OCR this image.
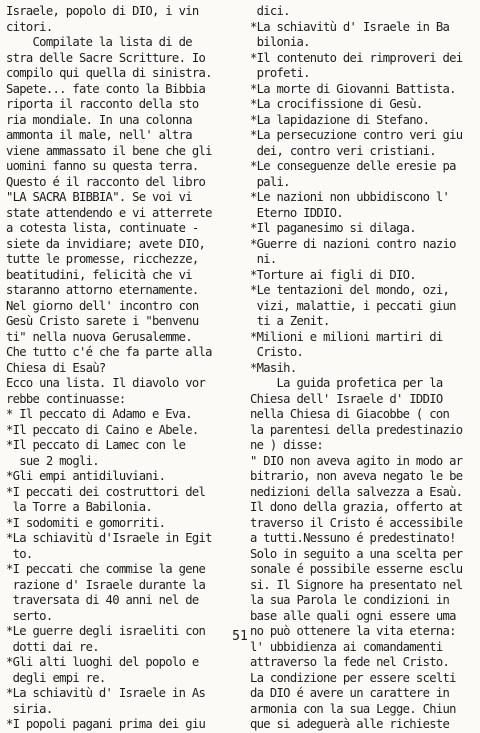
Israele, popolo di DIO, i vin
citori.
Compilate la lista di de
stra delle Sacre Scritture. Io
compilo qui quella di sinistra.
Sapete... fate conto la Bibbia
riporta il racconto della sto
ria mondiale. In una colonna
ammonta il male, nell' altra
viene ammassato il bene che gli
uomini fanno su questa terra.
Questo é il racconto del libro
"LA SACRA BIBBIA". Se voi vi
state attendendo e vi atterrete
a cotesta lista, continuate -
siete da invidiare; avete DIO,
tutte le promesse, ricchezze,
beatitudini, felicità che vi
staranno attorno eternamente.
Nel giorno dell' incontro con
Gesù Cristo sarete i "benvenu
ti" nella nuova Gerusalemme.
Che tutto c'é che fa parte alla
Chiesa di Esaù?
Ecco una lista. Il diavolo vor
rebbe continuasse:
* Il peccato di Adamo e Eva.
*Il peccato di Caino e Abele.
*Il peccato di Lamec con le
sue 2 mogli.
*Gli empi antidiluviani.
*I peccati dei costruttori del
la Torre a Babilonia.
*I sodomiti e gomorriti.
*La schiavitù d'Israele in Egit
to.
*I peccati che commise la gene
razione d' Israele durante la
traversata di 40 anni nel de
serto.
*Le guerre degli israeliti con
dotti dai re.
*Gli alti luoghi del popolo e
degli empi re.
*La schiavitù d' Israele in As
siria.
*I popoli pagani prima dei giu
dici.
*La schiavitù d' Israele in Ba
bilonia.
*Il contenuto dei rimproveri dei
profeti.
*La morte di Giovanni Battista.
*La crocifissione di Gesù.
*La lapidazione di Stefano.
*La persecuzione contro veri giu
dei, contro veri cristiani.
*Le conseguenze delle eresie pa
pali.
*Le nazioni non ubbidiscono l'
Eterno IDDIO.
*Il paganesimo si dilaga.
*Guerre di nazioni contro nazio
ni.
*Torture ai figli di DIO.
*Le tentazioni del mondo, ozi,
vizi, malattie, i peccati giun
ti a Zenit.
*Milioni e milioni martiri di
Cristo.
*Masih.
La guida profetica per la
Chiesa dell' Israele d' IDDIO
nella Chiesa di Giacobbe ( con
la parentesi della predestinazio
ne ) disse:
" DIO non aveva agito in modo ar
bitrario, non aveva negato le be
nedizioni della salvezza a Esaù.
Il dono della grazia, offerto at
traverso il Cristo é accessibile
a tutti.Nessuno é predestinato!
Solo in seguito a una scelta per
sonale é possibile esserne esclu
si. Il Signore ha presentato nel
la sua Parola le condizioni in
base alle quali ogni essere uma
no può ottenere la vita eterna:
l' ubbidienza ai comandamenti
attraverso la fede nel Cristo.
La condizione per essere scelti
da DIO é avere un carattere in
armonia con la sua Legge. Chiun
que si adeguerà alle richieste
51
